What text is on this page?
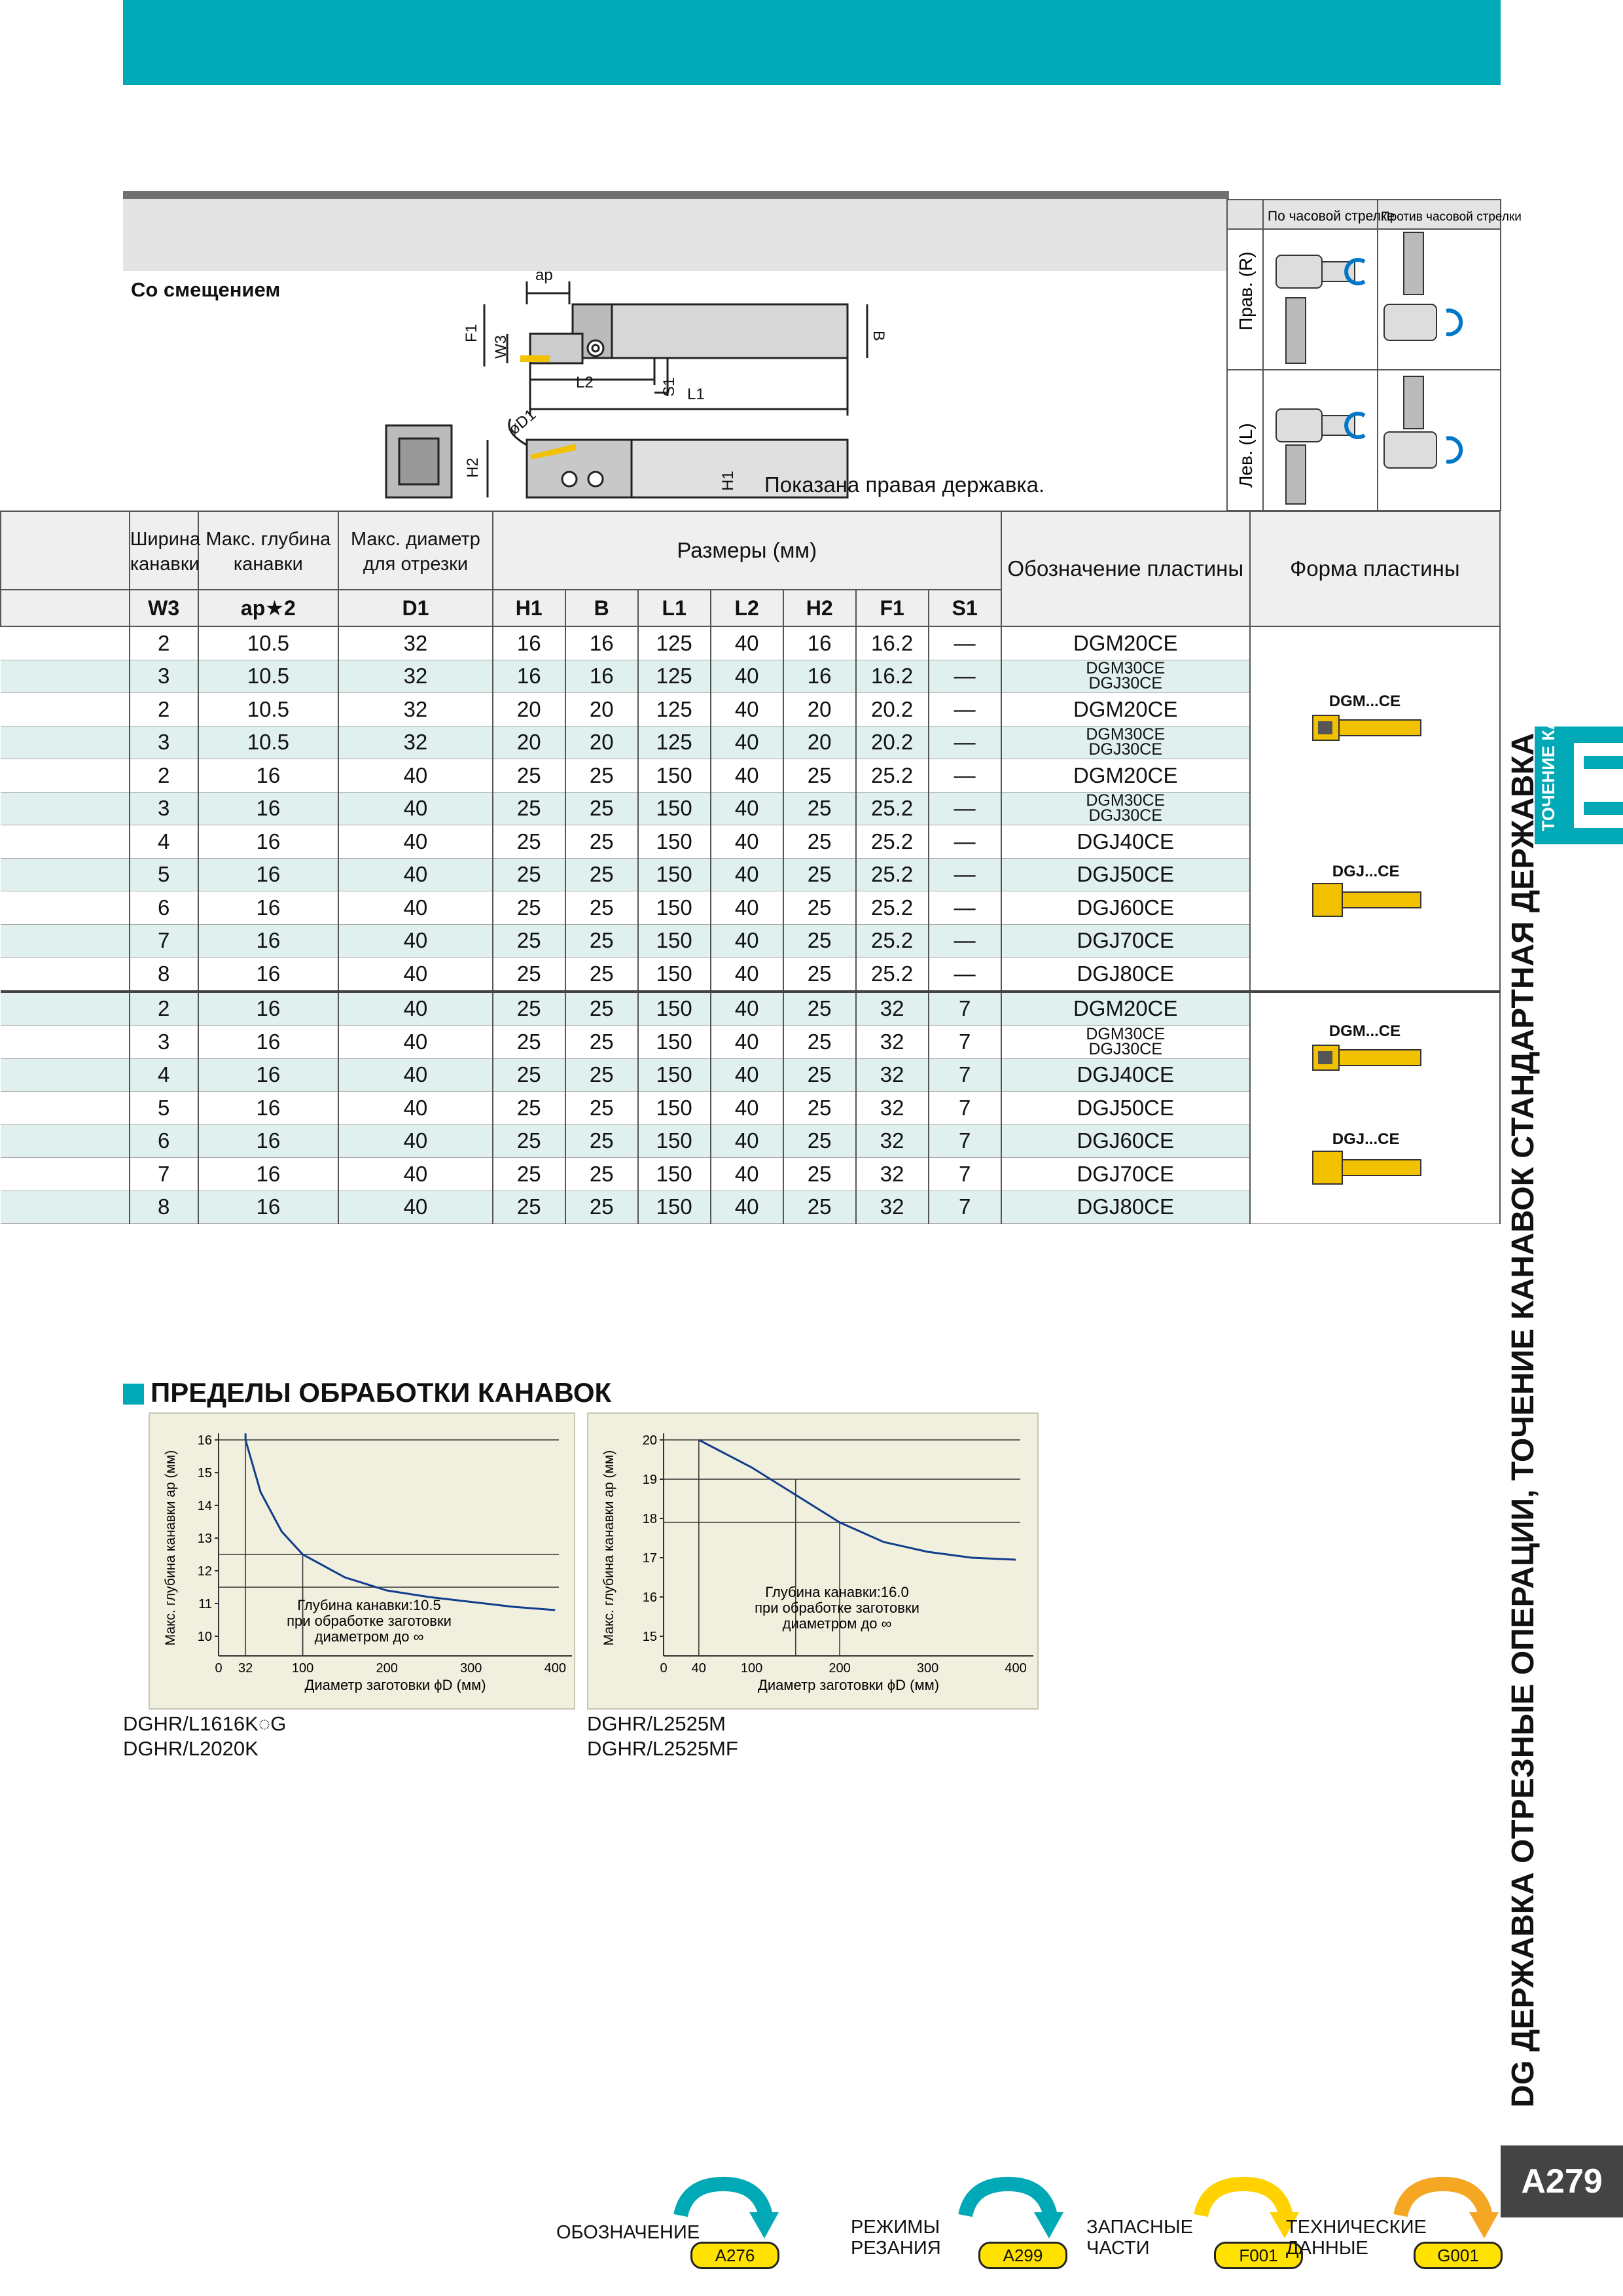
Со смещением
ap
F1
W3	B
L2	S1 L1
øD1
H2
H1 Показана правая державка.
По часовой стрелке
Против часовой стрелки
Прав. (R)
Лев. (L)
	Ширина канавки	Макс. глубина канавки	Макс. диаметр для отрезки	Размеры (мм)							Обозначение пластины	Форма пластины
	W3	ap★2	D1	H1	B	L1	L2	H2	F1	S1		
	2	10.5	32	16	16	125	40	16	16.2	—	DGM20CE	DGM...CE
DGJ...CE

	3	10.5	32	16	16	125	40	16	16.2	—	DGM30CE
DGJ30CE	

	2	10.5	32	20	20	125	40	20	20.2	—	DGM20CE	
	3	10.5	32	20	20	125	40	20	20.2	—	DGM30CE
DGJ30CE	

	2	16	40	25	25	150	40	25	25.2	—	DGM20CE	
	3	16	40	25	25	150	40	25	25.2	—	DGM30CE
DGJ30CE	

	4	16	40	25	25	150	40	25	25.2	—	DGJ40CE	
	5	16	40	25	25	150	40	25	25.2	—	DGJ50CE	
	6	16	40	25	25	150	40	25	25.2	—	DGJ60CE	
	7	16	40	25	25	150	40	25	25.2	—	DGJ70CE	
	8	16	40	25	25	150	40	25	25.2	—	DGJ80CE	
	2	16	40	25	25	150	40	25	32	7	DGM20CE	DGM...CE
DGJ...CE

	3	16	40	25	25	150	40	25	32	7	DGM30CE
DGJ30CE	

	4	16	40	25	25	150	40	25	32	7	DGJ40CE	
	5	16	40	25	25	150	40	25	32	7	DGJ50CE	
	6	16	40	25	25	150	40	25	32	7	DGJ60CE	
	7	16	40	25	25	150	40	25	32	7	DGJ70CE	
	8	16	40	25	25	150	40	25	32	7	DGJ80CE	
ПРЕДЕЛЫ ОБРАБОТКИ КАНАВОК
10
11
12
13
14
15
16
0 32	100	200	300	400
Макс. глубина канавки ap (мм)
Диаметр заготовки ϕD (мм)
Глубина канавки:10.5
при обработке заготовки
диаметром до ∞	15
16
17
18
19
20
0 40	100	200	300	400
Макс. глубина канавки ap (мм)
Диаметр заготовки ϕD (мм)
Глубина канавки:16.0
при обработке заготовки
диаметром до ∞
DGHR/L1616K◌G
DGHR/L2020K
DGHR/L2525M
DGHR/L2525MF
ТОЧЕНИЕ КАНАВОК
DG ДЕРЖАВКА ОТРЕЗНЫЕ ОПЕРАЦИИ, ТОЧЕНИЕ КАНАВОК СТАНДАРТНАЯ ДЕРЖАВКА
A279
ОБОЗНАЧЕНИЕ
A276
РЕЖИМЫ
РЕЗАНИЯ	A299
ЗАПАСНЫЕ
ЧАСТИ	F001
ТЕХНИЧЕСКИЕ
ДАННЫЕ	G001
